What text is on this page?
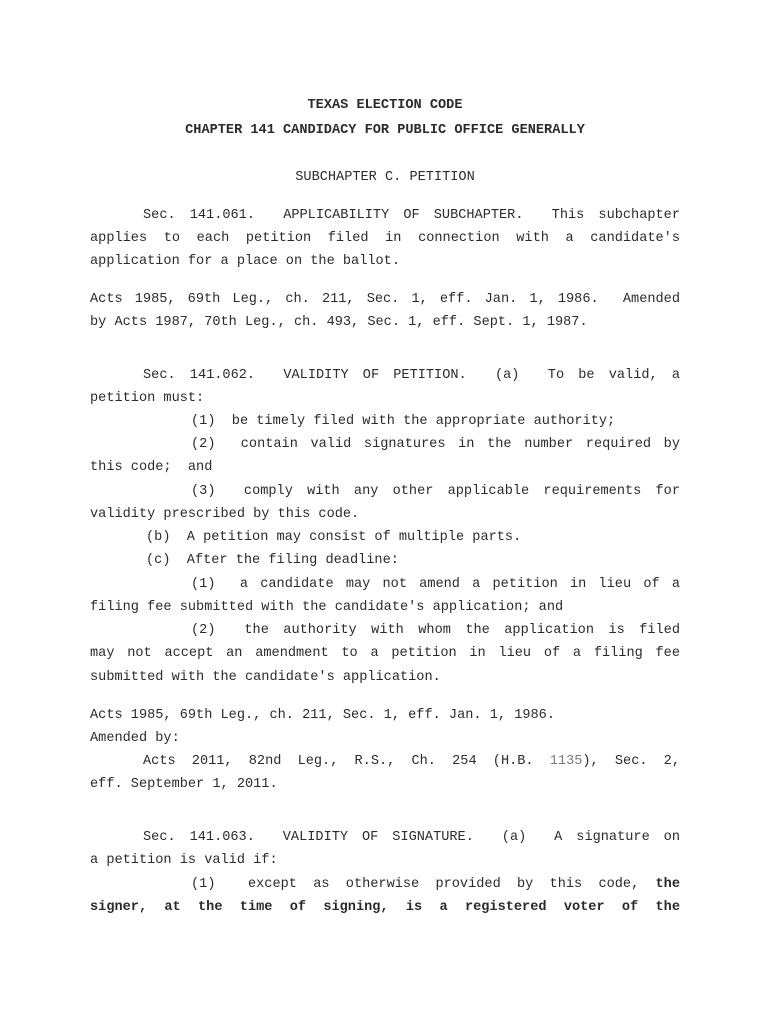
TEXAS ELECTION CODE
CHAPTER 141 CANDIDACY FOR PUBLIC OFFICE GENERALLY
SUBCHAPTER C. PETITION
Sec. 141.061.  APPLICABILITY OF SUBCHAPTER.  This subchapter
applies to each petition filed in connection with a candidate's
application for a place on the ballot.
Acts 1985, 69th Leg., ch. 211, Sec. 1, eff. Jan. 1, 1986.  Amended
by Acts 1987, 70th Leg., ch. 493, Sec. 1, eff. Sept. 1, 1987.
Sec. 141.062.  VALIDITY OF PETITION.  (a)  To be valid, a
petition must:
(1)  be timely filed with the appropriate authority;
(2)  contain valid signatures in the number required by
this code;  and
(3)  comply with any other applicable requirements for
validity prescribed by this code.
(b)  A petition may consist of multiple parts.
(c)  After the filing deadline:
(1)  a candidate may not amend a petition in lieu of a
filing fee submitted with the candidate's application; and
(2)  the authority with whom the application is filed
may not accept an amendment to a petition in lieu of a filing fee
submitted with the candidate's application.
Acts 1985, 69th Leg., ch. 211, Sec. 1, eff. Jan. 1, 1986.
Amended by:
Acts 2011, 82nd Leg., R.S., Ch. 254 (H.B. 1135), Sec. 2,
eff. September 1, 2011.
Sec. 141.063.  VALIDITY OF SIGNATURE.  (a)  A signature on
a petition is valid if:
(1)  except as otherwise provided by this code, the
signer, at the time of signing, is a registered voter of the
